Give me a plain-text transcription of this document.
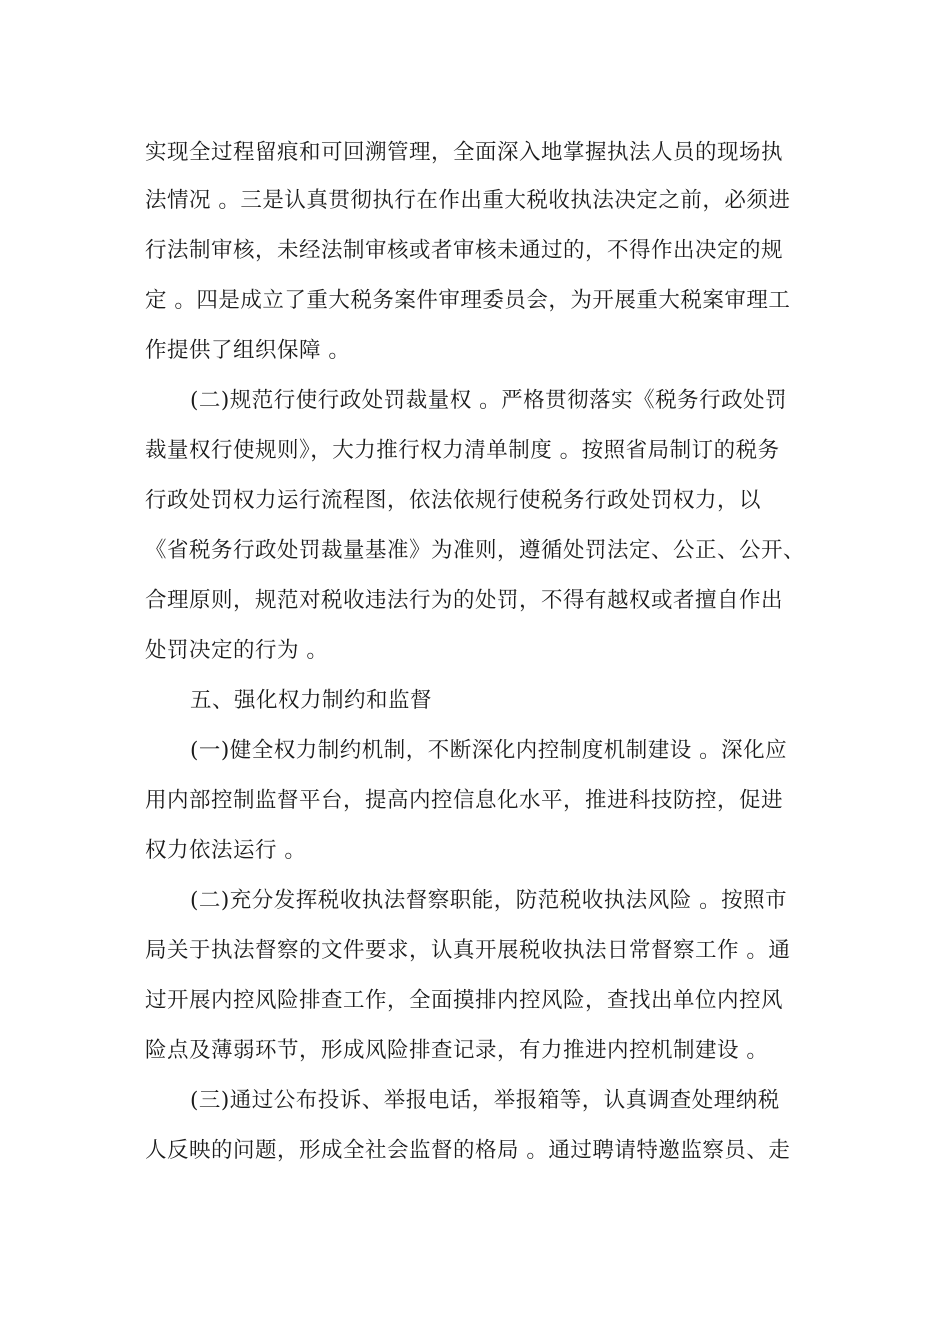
实现全过程留痕和可回溯管理，全面深入地掌握执法人员的现场执
法情况 。三是认真贯彻执行在作出重大税收执法决定之前，必须进
行法制审核，未经法制审核或者审核未通过的，不得作出决定的规
定 。四是成立了重大税务案件审理委员会，为开展重大税案审理工
作提供了组织保障 。
(二)规范行使行政处罚裁量权 。严格贯彻落实《税务行政处罚
裁量权行使规则》，大力推行权力清单制度 。按照省局制订的税务
行政处罚权力运行流程图，依法依规行使税务行政处罚权力，以
《省税务行政处罚裁量基准》为准则，遵循处罚法定、公正、公开、
合理原则，规范对税收违法行为的处罚，不得有越权或者擅自作出
处罚决定的行为 。
五、强化权力制约和监督
(一)健全权力制约机制，不断深化内控制度机制建设 。深化应
用内部控制监督平台，提高内控信息化水平，推进科技防控，促进
权力依法运行 。
(二)充分发挥税收执法督察职能，防范税收执法风险 。按照市
局关于执法督察的文件要求，认真开展税收执法日常督察工作 。通
过开展内控风险排查工作，全面摸排内控风险，查找出单位内控风
险点及薄弱环节，形成风险排查记录，有力推进内控机制建设 。
(三)通过公布投诉、举报电话，举报箱等，认真调查处理纳税
人反映的问题，形成全社会监督的格局 。通过聘请特邀监察员、走
